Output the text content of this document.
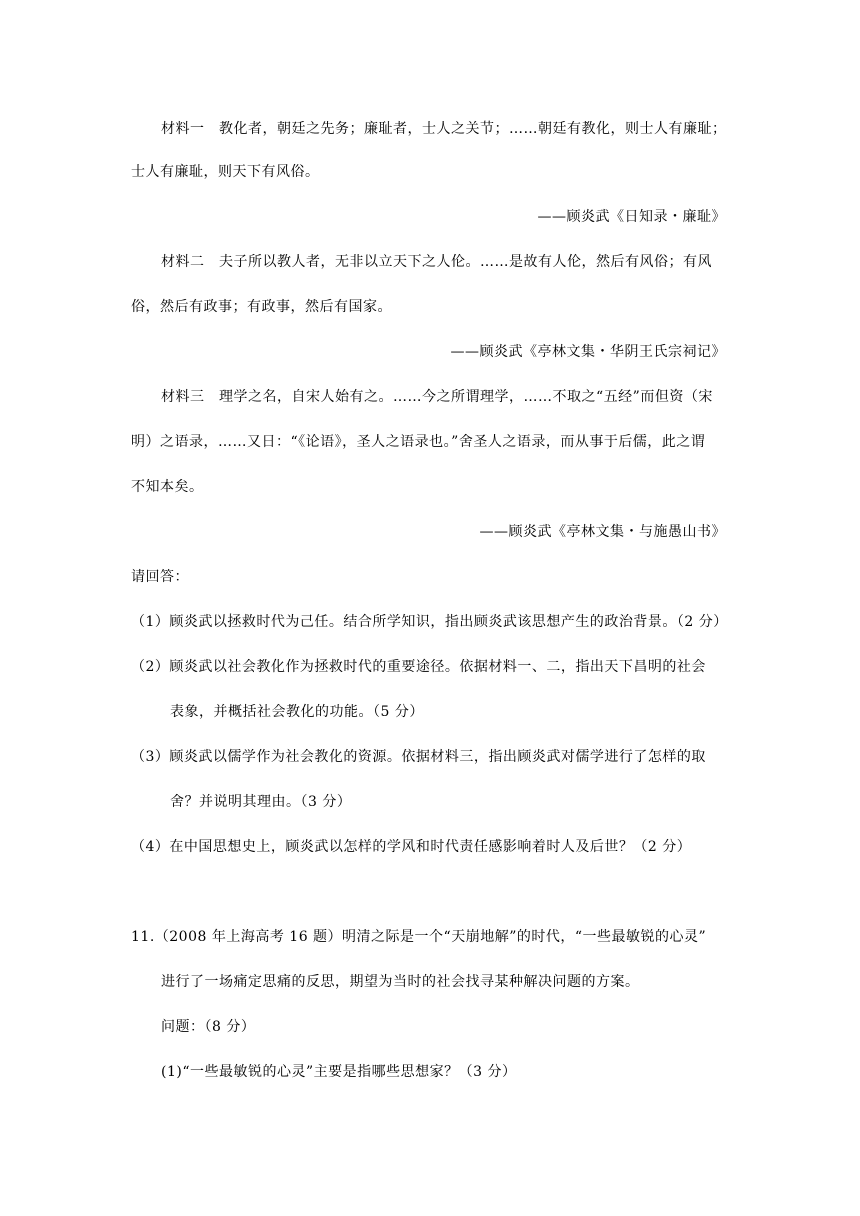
材料一　教化者，朝廷之先务；廉耻者，士人之关节；……朝廷有教化，则士人有廉耻；
士人有廉耻，则天下有风俗。
——顾炎武《日知录・廉耻》
材料二　夫子所以教人者，无非以立天下之人伦。……是故有人伦，然后有风俗；有风
俗，然后有政事；有政事，然后有国家。
——顾炎武《亭林文集・华阴王氏宗祠记》
材料三　理学之名，自宋人始有之。……今之所谓理学，……不取之“五经”而但资（宋
明）之语录，……又日：“《论语》，圣人之语录也。”舍圣人之语录，而从事于后儒，此之谓
不知本矣。
——顾炎武《亭林文集・与施愚山书》
请回答：
（1）顾炎武以拯救时代为己任。结合所学知识，指出顾炎武该思想产生的政治背景。（2 分）
（2）顾炎武以社会教化作为拯救时代的重要途径。依据材料一、二，指出天下昌明的社会
表象，并概括社会教化的功能。（5 分）
（3）顾炎武以儒学作为社会教化的资源。依据材料三，指出顾炎武对儒学进行了怎样的取
舍？并说明其理由。（3 分）
（4）在中国思想史上，顾炎武以怎样的学风和时代责任感影响着时人及后世？（2 分）
11.（2008 年上海高考 16 题）明清之际是一个“天崩地解”的时代，“一些最敏锐的心灵”
进行了一场痛定思痛的反思，期望为当时的社会找寻某种解决问题的方案。
问题：（8 分）
(1)“一些最敏锐的心灵”主要是指哪些思想家？（3 分）
